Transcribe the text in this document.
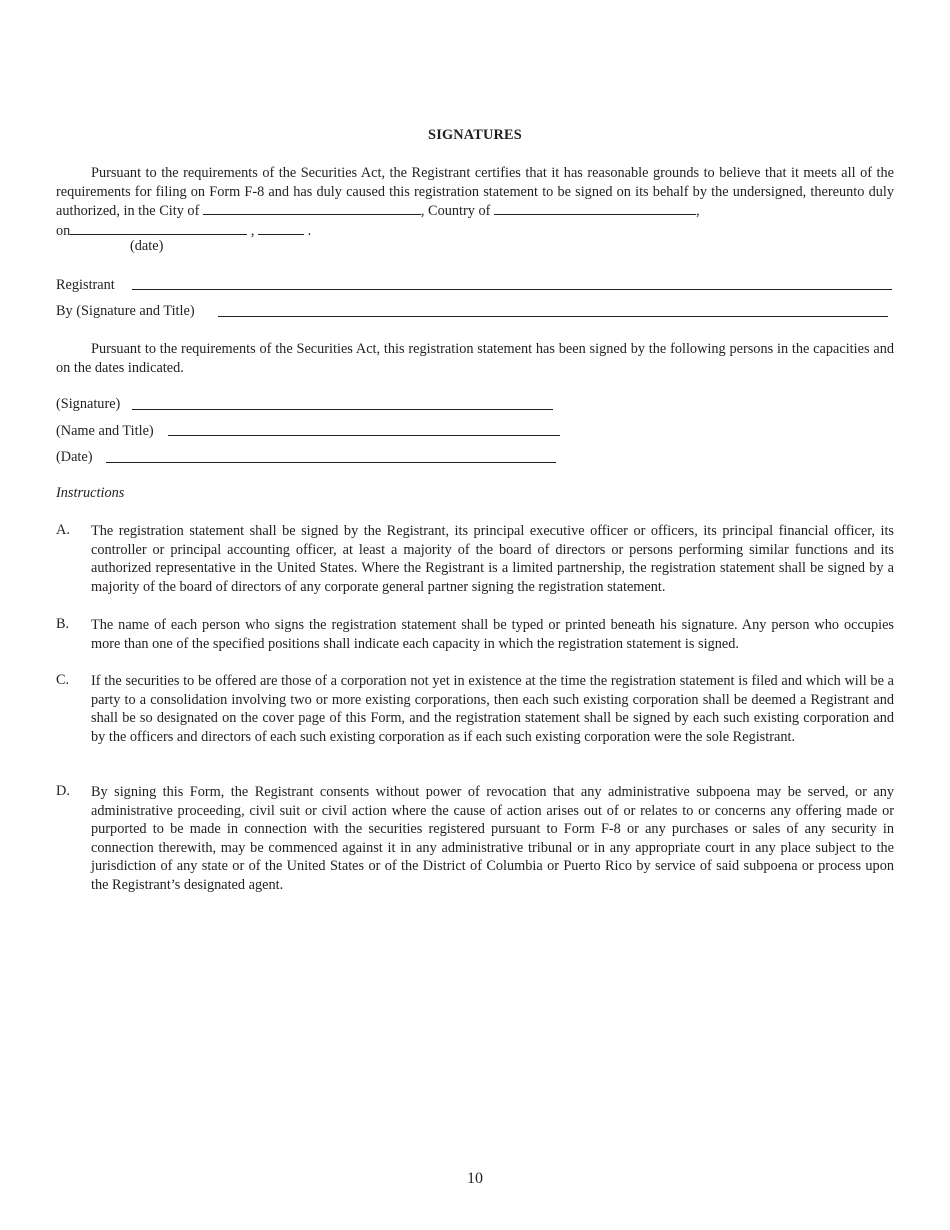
SIGNATURES

Pursuant to the requirements of the Securities Act, the Registrant certifies that it has reasonable grounds to believe that it meets all of the requirements for filing on Form F-8 and has duly caused this registration statement to be signed on its behalf by the undersigned, thereunto duly authorized, in the City of	, Country of	,
on	,	.

(date)
Registrant
By (Signature and Title)

Pursuant to the requirements of the Securities Act, this registration statement has been signed by the following persons in the capacities and on the dates indicated.

(Signature)
(Name and Title)
(Date)
Instructions
A. The registration statement shall be signed by the Registrant, its principal executive officer or officers, its principal financial officer, its controller or principal accounting officer, at least a majority of the board of directors or persons performing similar functions and its authorized representative in the United States. Where the Registrant is a limited partnership, the registration statement shall be signed by a majority of the board of directors of any corporate general partner signing the registration statement.

B. The name of each person who signs the registration statement shall be typed or printed beneath his signature. Any person who occupies more than one of the specified positions shall indicate each capacity in which the registration statement is signed.

C. If the securities to be offered are those of a corporation not yet in existence at the time the registration statement is filed and which will be a party to a consolidation involving two or more existing corporations, then each such existing corporation shall be deemed a Registrant and shall be so designated on the cover page of this Form, and the registration statement shall be signed by each such existing corporation and by the officers and directors of each such existing corporation as if each such existing corporation were the sole Registrant.

D. By signing this Form, the Registrant consents without power of revocation that any administrative subpoena may be served, or any administrative proceeding, civil suit or civil action where the cause of action arises out of or relates to or concerns any offering made or purported to be made in connection with the securities registered pursuant to Form F-8 or any purchases or sales of any security in connection therewith, may be commenced against it in any administrative tribunal or in any appropriate court in any place subject to the jurisdiction of any state or of the United States or of the District of Columbia or Puerto Rico by service of said subpoena or process upon the Registrant’s designated agent.

10
